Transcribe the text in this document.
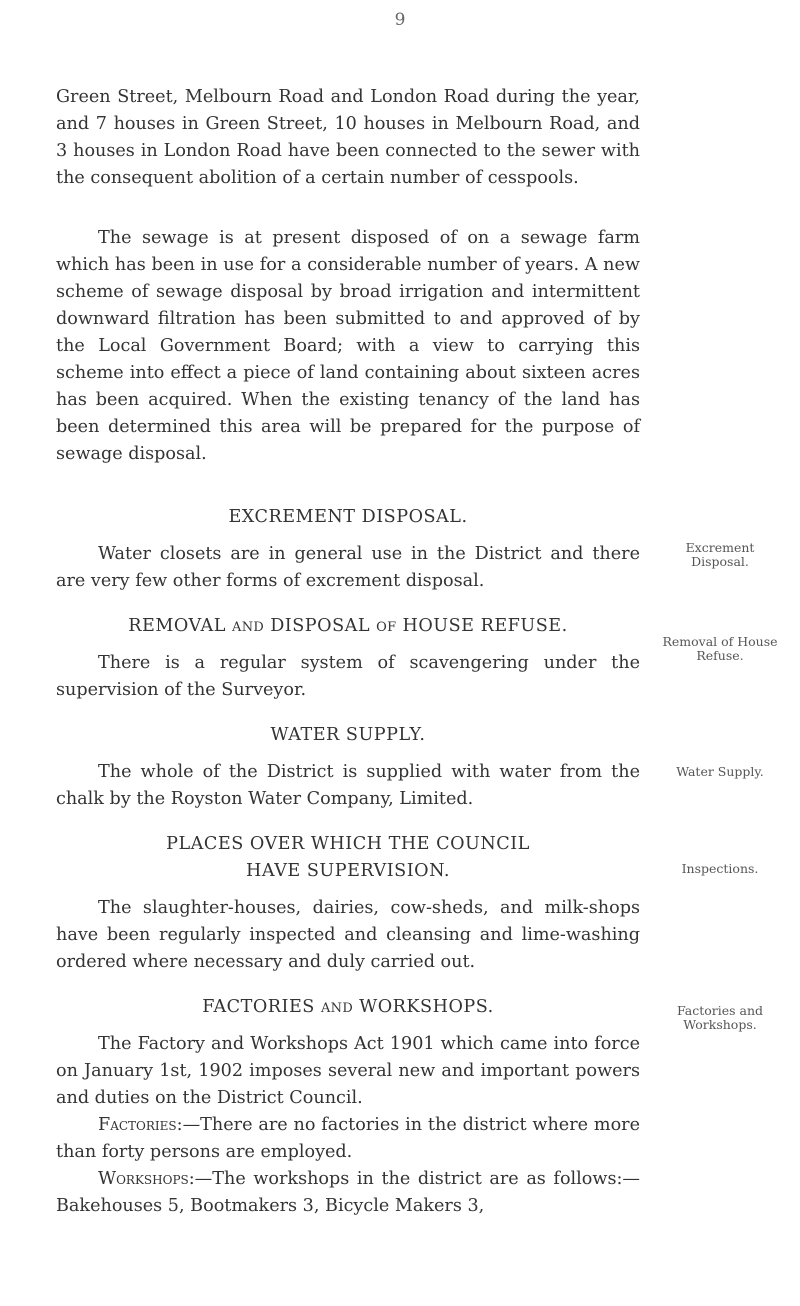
9

Green Street, Melbourn Road and London Road during the year, and 7 houses in Green Street, 10 houses in Melbourn Road, and 3 houses in London Road have been connected to the sewer with the consequent abolition of a certain number of cesspools.

The sewage is at present disposed of on a sewage farm which has been in use for a considerable number of years. A new scheme of sewage disposal by broad irrigation and intermittent downward filtration has been submitted to and approved of by the Local Government Board; with a view to carrying this scheme into effect a piece of land containing about sixteen acres has been acquired. When the existing tenancy of the land has been determined this area will be prepared for the purpose of sewage disposal.

EXCREMENT DISPOSAL.

Water closets are in general use in the District and there are very few other forms of excrement disposal.

Excrement Disposal.
REMOVAL AND DISPOSAL OF HOUSE REFUSE.

There is a regular system of scavengering under the supervision of the Surveyor.

Removal of House Refuse.
WATER SUPPLY.

The whole of the District is supplied with water from the chalk by the Royston Water Company, Limited.

Water Supply.
PLACES OVER WHICH THE COUNCIL
HAVE SUPERVISION.

The slaughter-houses, dairies, cow-sheds, and milk-shops have been regularly inspected and cleansing and lime-washing ordered where necessary and duly carried out.

Inspections.
FACTORIES AND WORKSHOPS.

The Factory and Workshops Act 1901 which came into force on January 1st, 1902 imposes several new and important powers and duties on the District Council.

Factories:—There are no factories in the district where more than forty persons are employed.

Workshops:—The workshops in the district are as follows:—Bakehouses 5, Bootmakers 3, Bicycle Makers 3,

Factories and Workshops.
